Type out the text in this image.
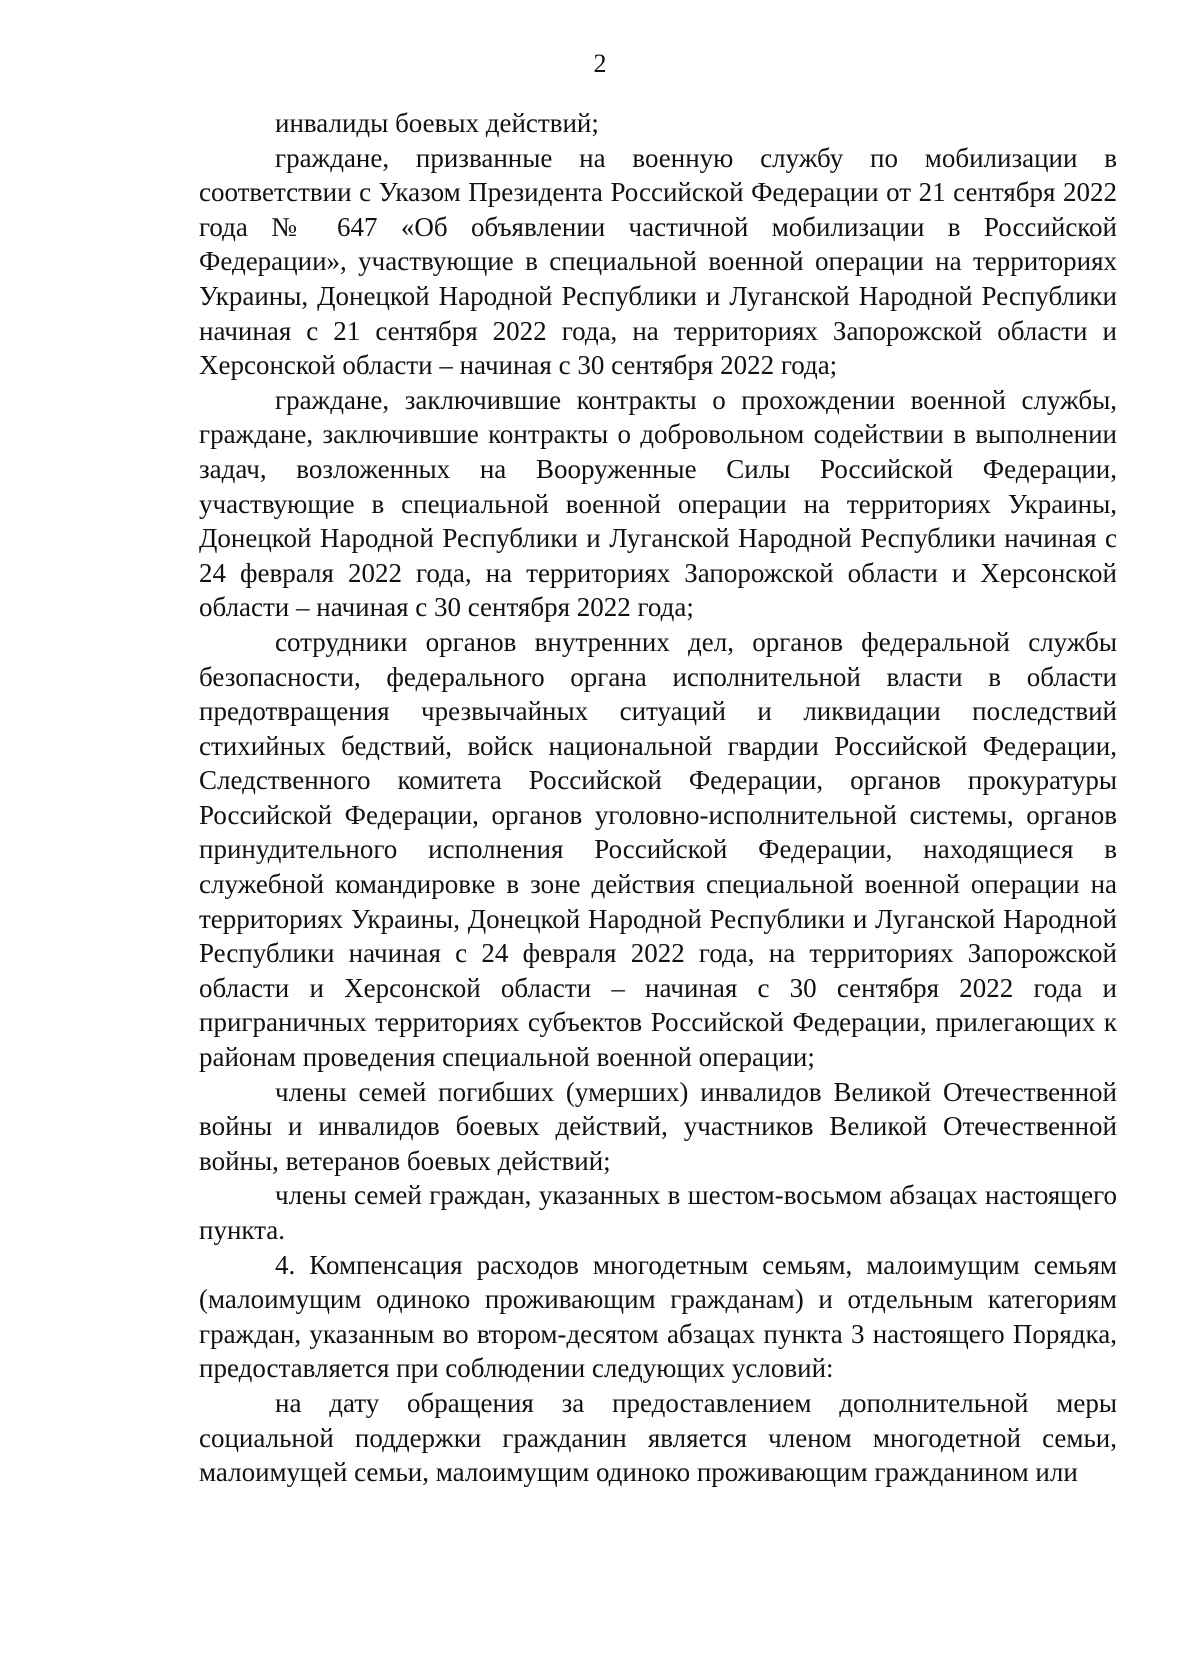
2

инвалиды боевых действий;

граждане, призванные на военную службу по мобилизации в соответствии с Указом Президента Российской Федерации от 21 сентября 2022 года № 647 «Об объявлении частичной мобилизации в Российской Федерации», участвующие в специальной военной операции на территориях Украины, Донецкой Народной Республики и Луганской Народной Республики начиная с 21 сентября 2022 года, на территориях Запорожской области и Херсонской области – начиная с 30 сентября 2022 года;

граждане, заключившие контракты о прохождении военной службы, граждане, заключившие контракты о добровольном содействии в выполнении задач, возложенных на Вооруженные Силы Российской Федерации, участвующие в специальной военной операции на территориях Украины, Донецкой Народной Республики и Луганской Народной Республики начиная с 24 февраля 2022 года, на территориях Запорожской области и Херсонской области – начиная с 30 сентября 2022 года;

сотрудники органов внутренних дел, органов федеральной службы безопасности, федерального органа исполнительной власти в области предотвращения чрезвычайных ситуаций и ликвидации последствий стихийных бедствий, войск национальной гвардии Российской Федерации, Следственного комитета Российской Федерации, органов прокуратуры Российской Федерации, органов уголовно-исполнительной системы, органов принудительного исполнения Российской Федерации, находящиеся в служебной командировке в зоне действия специальной военной операции на территориях Украины, Донецкой Народной Республики и Луганской Народной Республики начиная с 24 февраля 2022 года, на территориях Запорожской области и Херсонской области – начиная с 30 сентября 2022 года и приграничных территориях субъектов Российской Федерации, прилегающих к районам проведения специальной военной операции;

члены семей погибших (умерших) инвалидов Великой Отечественной войны и инвалидов боевых действий, участников Великой Отечественной войны, ветеранов боевых действий;

члены семей граждан, указанных в шестом-восьмом абзацах настоящего пункта.

4. Компенсация расходов многодетным семьям, малоимущим семьям (малоимущим одиноко проживающим гражданам) и отдельным категориям граждан, указанным во втором-десятом абзацах пункта 3 настоящего Порядка, предоставляется при соблюдении следующих условий:

на дату обращения за предоставлением дополнительной меры социальной поддержки гражданин является членом многодетной семьи, малоимущей семьи, малоимущим одиноко проживающим гражданином или
